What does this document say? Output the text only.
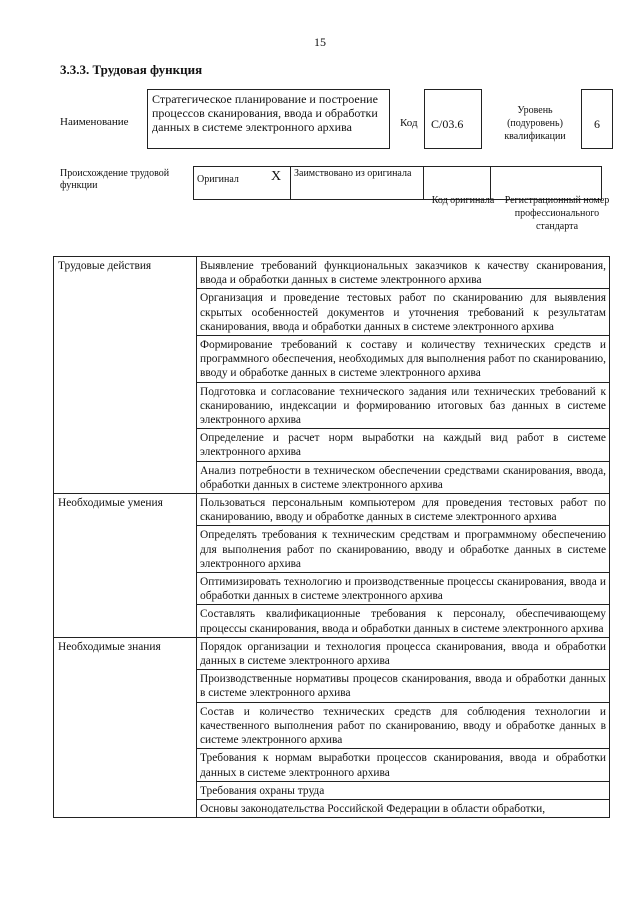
15
3.3.3. Трудовая функция
Наименование
Стратегическое планирование и построение процессов сканирования, ввода и обработки данных в системе электронного архива	Код	C/03.6
Уровень (подуровень) квалификации
6
Происхождение трудовой функции
Оригинал	X	Заимствовано из оригинала		
Код оригинала Регистрационный номер профессионального стандарта
Трудовые действия	Выявление требований функциональных заказчиков к качеству сканирования, ввода и обработки данных в системе электронного архива
	Организация и проведение тестовых работ по сканированию для выявления скрытых особенностей документов и уточнения требований к результатам сканирования, ввода и обработки данных в системе электронного архива
	Формирование требований к составу и количеству технических средств и программного обеспечения, необходимых для выполнения работ по сканированию, вводу и обработке данных в системе электронного архива
	Подготовка и согласование технического задания или технических требований к сканированию, индексации и формированию итоговых баз данных в системе электронного архива
	Определение и расчет норм выработки на каждый вид работ в системе электронного архива
	Анализ потребности в техническом обеспечении средствами сканирования, ввода, обработки данных в системе электронного архива
Необходимые умения	Пользоваться персональным компьютером для проведения тестовых работ по сканированию, вводу и обработке данных в системе электронного архива
	Определять требования к техническим средствам и программному обеспечению для выполнения работ по сканированию, вводу и обработке данных в системе электронного архива
	Оптимизировать технологию и производственные процессы сканирования, ввода и обработки данных в системе электронного архива
	Составлять квалификационные требования к персоналу, обеспечивающему процессы сканирования, ввода и обработки данных в системе электронного архива
Необходимые знания	Порядок организации и технология процесса сканирования, ввода и обработки данных в системе электронного архива
	Производственные нормативы процесов сканирования, ввода и обработки данных в системе электронного архива
	Состав и количество технических средств для соблюдения технологии и качественного выполнения работ по сканированию, вводу и обработке данных в системе электронного архива
	Требования к нормам выработки процессов сканирования, ввода и обработки данных в системе электронного архива
	Требования охраны труда
	Основы законодательства Российской Федерации в области обработки,
